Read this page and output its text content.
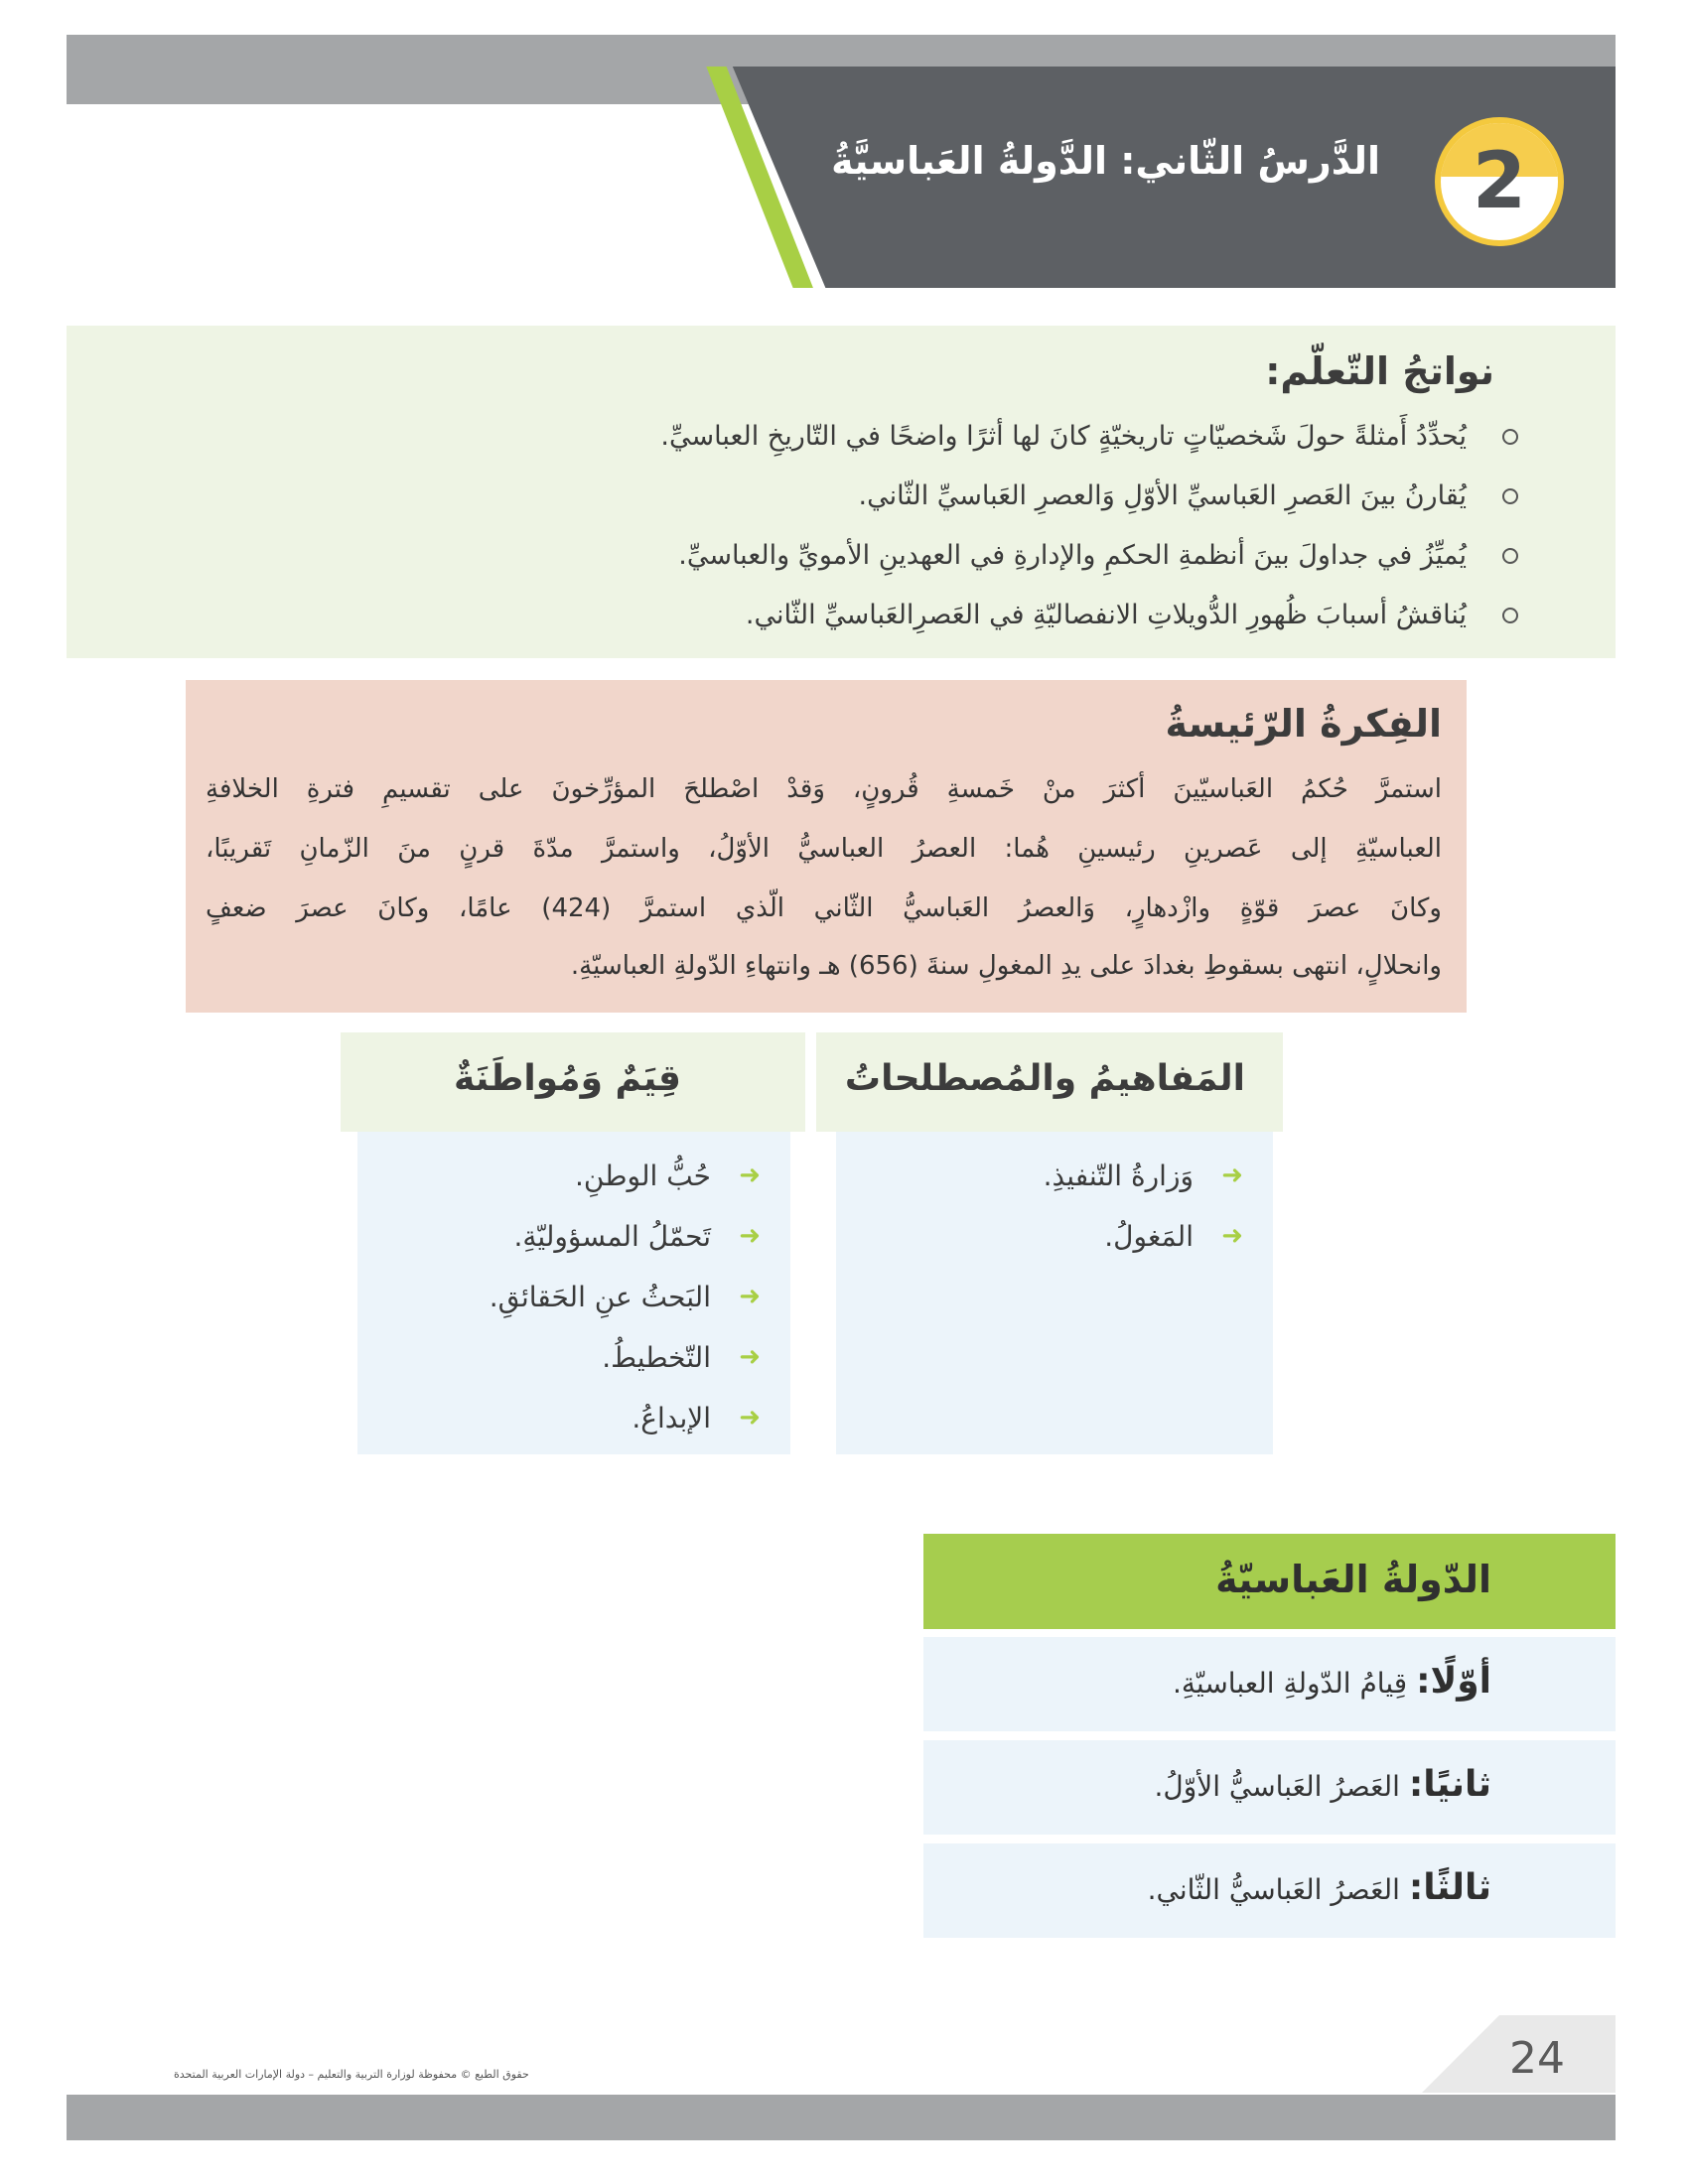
2
الدَّرسُ الثّاني: الدَّولةُ العَباسيَّةُ
نواتجُ التّعلّم:
يُحدِّدُ أَمثلةً حولَ شَخصيّاتٍ تاريخيّةٍ كانَ لها أثرًا واضحًا في التّاريخِ العباسيِّ.
يُقارنُ بينَ العَصرِ العَباسيِّ الأوّلِ وَالعصرِ العَباسيِّ الثّاني.
يُميِّزُ في جداولَ بينَ أنظمةِ الحكمِ والإدارةِ في العهدينِ الأمويِّ والعباسيِّ.
يُناقشُ أسبابَ ظُهورِ الدُّويلاتِ الانفصاليّةِ في العَصرِالعَباسيِّ الثّاني.
الفِكرةُ الرّئيسةُ
استمرَّ حُكمُ العَباسيّينَ أكثرَ منْ خَمسةِ قُرونٍ، وَقدْ اصْطلحَ المؤرِّخونَ على تقسيمِ فترةِ الخلافةِ
العباسيّةِ إلى عَصرينِ رئيسينِ هُما: العصرُ العباسيُّ الأوّلُ، واستمرَّ مدّةَ قرنٍ منَ الزّمانِ تَقريبًا،
وكانَ عصرَ قوّةٍ وازْدهارٍ، وَالعصرُ العَباسيُّ الثّاني الّذي استمرَّ (424) عامًا، وكانَ عصرَ ضعفٍ
وانحلالٍ، انتهى بسقوطِ بغدادَ على يدِ المغولِ سنةَ (656) هـ وانتهاءِ الدّولةِ العباسيّةِ.
المَفاهيمُ والمُصطلحاتُ
➜
وَزارةُ التّنفيذِ.
➜
المَغولُ.
قِيَمٌ وَمُواطَنَةٌ
➜
حُبُّ الوطنِ.
➜
تَحمّلُ المسؤوليّةِ.
➜
البَحثُ عنِ الحَقائقِ.
➜
التّخطيطُ.
➜
الإبداعُ.
الدّولةُ العَباسيّةُ
أوّلًا: قِيامُ الدّولةِ العباسيّةِ.
ثانيًا: العَصرُ العَباسيُّ الأوّلُ.
ثالثًا: العَصرُ العَباسيُّ الثّاني.
24
حقوق الطبع © محفوظة لوزارة التربية والتعليم – دولة الإمارات العربية المتحدة
